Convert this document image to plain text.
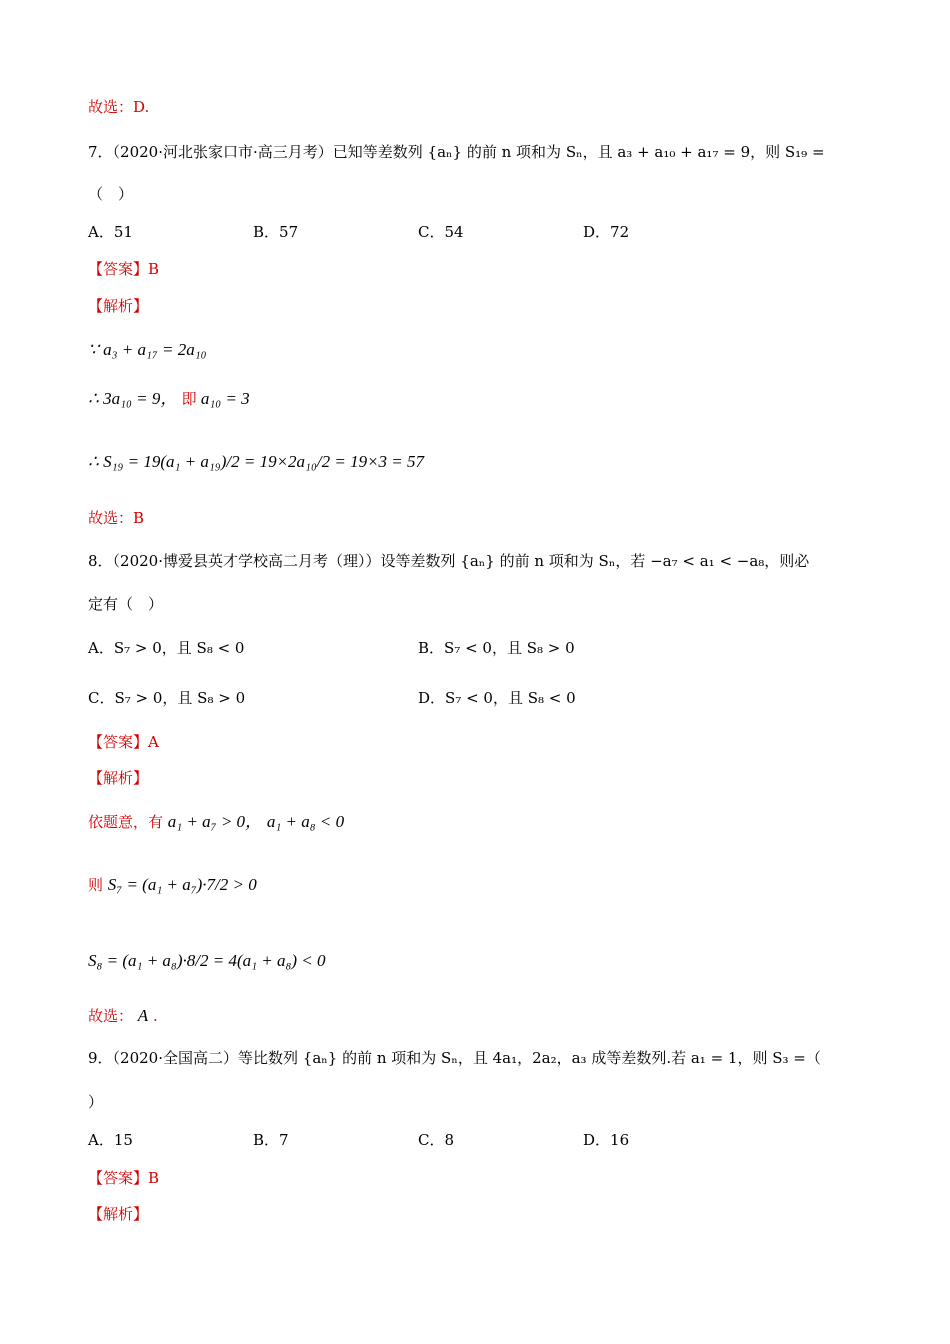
故选：D.
7．（2020·河北张家口市·高三月考）已知等差数列 {aₙ} 的前 n 项和为 Sₙ，且 a₃ + a₁₀ + a₁₇ = 9，则 S₁₉ =
（　）
A．51	B．57	C．54	D．72
【答案】B
【解析】
∵ a₃ + a₁₇ = 2a₁₀
∴ 3a₁₀ = 9， 即 a₁₀ = 3
∴ S₁₉ = 19(a₁ + a₁₉)/2 = 19×2a₁₀/2 = 19×3 = 57
故选：B
8．（2020·博爱县英才学校高二月考（理））设等差数列 {aₙ} 的前 n 项和为 Sₙ，若 −a₇ < a₁ < −a₈，则必
定有（　）
A．S₇ > 0，且 S₈ < 0	B．S₇ < 0，且 S₈ > 0
C．S₇ > 0，且 S₈ > 0	D．S₇ < 0，且 S₈ < 0
【答案】A
【解析】
依题意，有 a₁ + a₇ > 0， a₁ + a₈ < 0
则 S₇ = (a₁ + a₇)·7/2 > 0
S₈ = (a₁ + a₈)·8/2 = 4(a₁ + a₈) < 0
故选： A .
9．（2020·全国高二）等比数列 {aₙ} 的前 n 项和为 Sₙ，且 4a₁，2a₂，a₃ 成等差数列.若 a₁ = 1，则 S₃ =（
）
A．15	B．7	C．8	D．16
【答案】B
【解析】
